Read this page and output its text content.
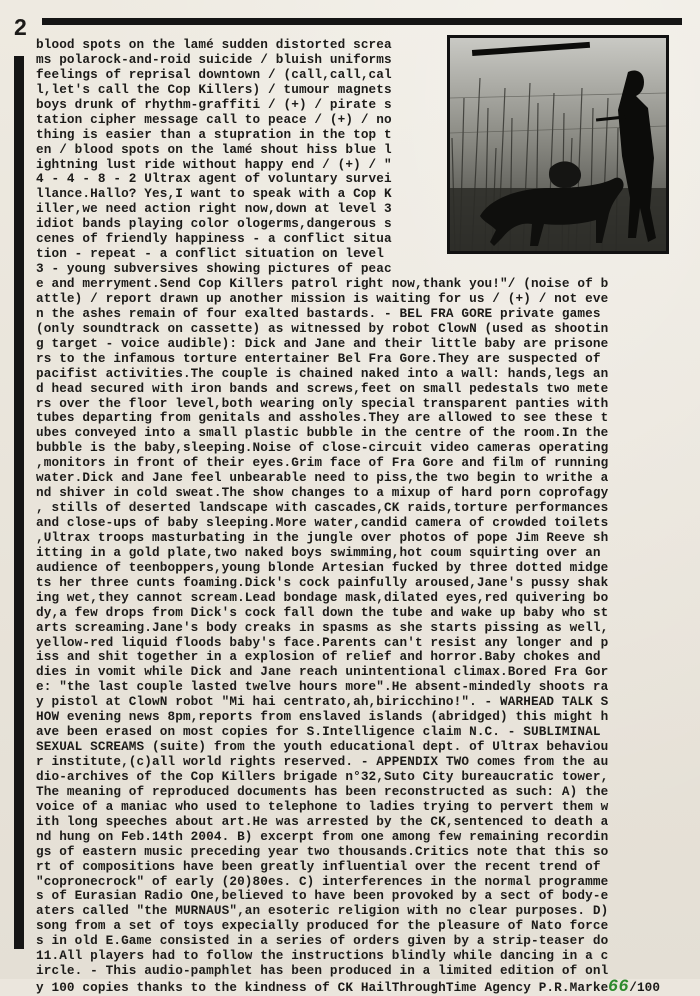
2
blood spots on the lamé sudden distorted screa
ms polarock-and-roid suicide / bluish uniforms
feelings of reprisal downtown / (call,call,cal
l,let's call the Cop Killers) / tumour magnets
boys drunk of rhythm-graffiti / (+) / pirate s
tation cipher message call to peace / (+) / no
thing is easier than a stupration in the top t
en / blood spots on the lamé shout hiss blue l
ightning lust ride without happy end / (+) / "
4 - 4 - 8 - 2 Ultrax agent of voluntary survei
llance.Hallo? Yes,I want to speak with a Cop K
iller,we need action right now,down at level 3
idiot bands playing color ologerms,dangerous s
cenes of friendly happiness - a conflict situa
tion - repeat - a conflict situation on level
3 - young subversives showing pictures of peac
e and merryment.Send Cop Killers patrol right now,thank you!"/ (noise of b
attle) / report drawn up another mission is waiting for us / (+) / not eve
n the ashes remain of four exalted bastards. - BEL FRA GORE private games
(only soundtrack on cassette) as witnessed by robot ClowN (used as shootin
g target - voice audible): Dick and Jane and their little baby are prisone
rs to the infamous torture entertainer Bel Fra Gore.They are suspected of
pacifist activities.The couple is chained naked into a wall: hands,legs an
d head secured with iron bands and screws,feet on small pedestals two mete
rs over the floor level,both wearing only special transparent panties with
tubes departing from genitals and assholes.They are allowed to see these t
ubes conveyed into a small plastic bubble in the centre of the room.In the
bubble is the baby,sleeping.Noise of close-circuit video cameras operating
,monitors in front of their eyes.Grim face of Fra Gore and film of running
water.Dick and Jane feel unbearable need to piss,the two begin to writhe a
nd shiver in cold sweat.The show changes to a mixup of hard porn coprofagy
, stills of deserted landscape with cascades,CK raids,torture performances
and close-ups of baby sleeping.More water,candid camera of crowded toilets
,Ultrax troops masturbating in the jungle over photos of pope Jim Reeve sh
itting in a gold plate,two naked boys swimming,hot coum squirting over an
audience of teenboppers,young blonde Artesian fucked by three dotted midge
ts her three cunts foaming.Dick's cock painfully aroused,Jane's pussy shak
ing wet,they cannot scream.Lead bondage mask,dilated eyes,red quivering bo
dy,a few drops from Dick's cock fall down the tube and wake up baby who st
arts screaming.Jane's body creaks in spasms as she starts pissing as well,
yellow-red liquid floods baby's face.Parents can't resist any longer and p
iss and shit together in a explosion of relief and horror.Baby chokes and
dies in vomit while Dick and Jane reach unintentional climax.Bored Fra Gor
e: "the last couple lasted twelve hours more".He absent-mindedly shoots ra
y pistol at ClowN robot "Mi hai centrato,ah,biricchino!". - WARHEAD TALK S
HOW evening news 8pm,reports from enslaved islands (abridged) this might h
ave been erased on most copies for S.Intelligence claim N.C. - SUBLIMINAL
SEXUAL SCREAMS (suite) from the youth educational dept. of Ultrax behaviou
r institute,(c)all world rights reserved. - APPENDIX TWO comes from the au
dio-archives of the Cop Killers brigade n°32,Suto City bureaucratic tower,
The meaning of reproduced documents has been reconstructed as such: A) the
voice of a maniac who used to telephone to ladies trying to pervert them w
ith long speeches about art.He was arrested by the CK,sentenced to death a
nd hung on Feb.14th 2004. B) excerpt from one among few remaining recordin
gs of eastern music preceding year two thousands.Critics note that this so
rt of compositions have been greatly influential over the recent trend of
"copronecrock" of early (20)80es. C) interferences in the normal programme
s of Eurasian Radio One,believed to have been provoked by a sect of body-e
aters called "the MURNAUS",an esoteric religion with no clear purposes. D)
song from a set of toys expecially produced for the pleasure of Nato force
s in old E.Game consisted in a series of orders given by a strip-teaser do
11.All players had to follow the instructions blindly while dancing in a c
ircle. - This audio-pamphlet has been produced in a limited edition of onl
y 100 copies thanks to the kindness of CK HailThroughTime Agency P.R.Marke66/100
